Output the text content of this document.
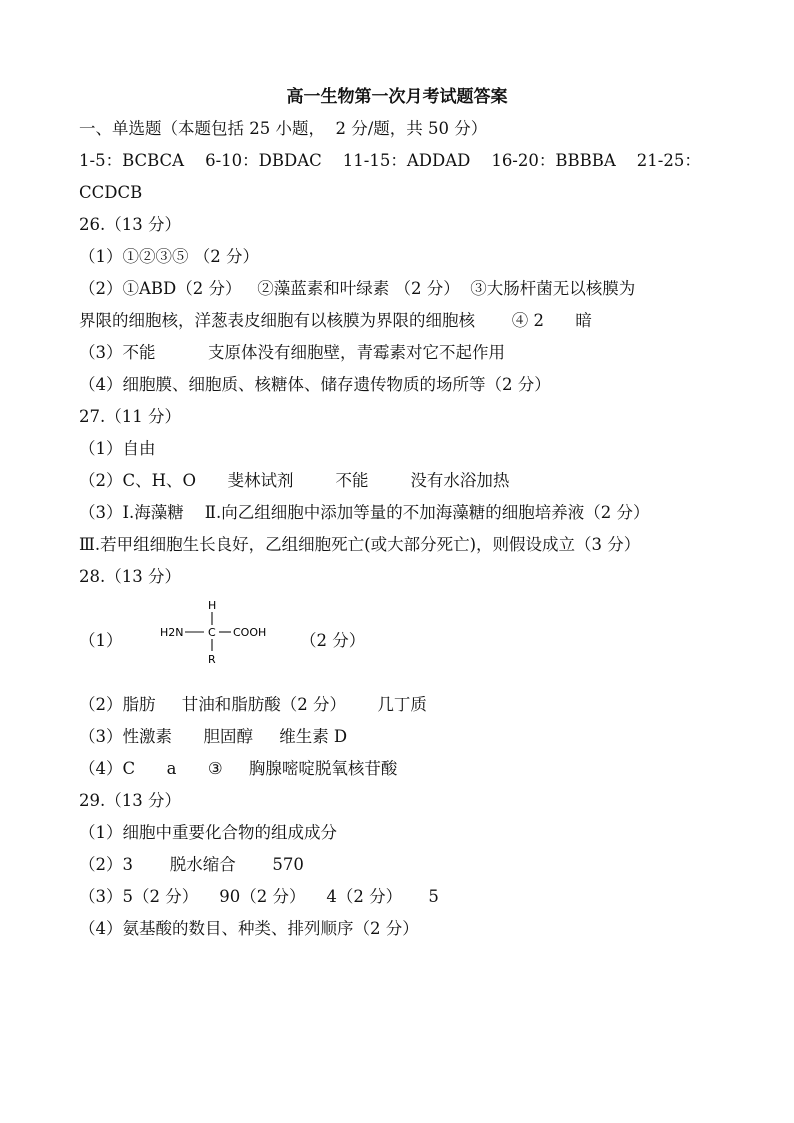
高一生物第一次月考试题答案
一、单选题（本题包括 25 小题，  2 分/题，共 50 分）
1-5：BCBCA    6-10：DBDAC    11-15：ADDAD    16-20：BBBBA    21-25：
CCDCB
26.（13 分）
（1）①②③⑤ （2 分）
（2）①ABD（2 分）   ②藻蓝素和叶绿素 （2 分）  ③大肠杆菌无以核膜为
界限的细胞核，洋葱表皮细胞有以核膜为界限的细胞核       ④ 2      暗
（3）不能          支原体没有细胞壁，青霉素对它不起作用
（4）细胞膜、细胞质、核糖体、储存遗传物质的场所等（2 分）
27.（11 分）
（1）自由
（2）C、H、O      斐林试剂        不能        没有水浴加热
（3）Ⅰ.海藻糖    Ⅱ.向乙组细胞中添加等量的不加海藻糖的细胞培养液（2 分）
Ⅲ.若甲组细胞生长良好，乙组细胞死亡(或大部分死亡)，则假设成立（3 分）
28.（13 分）
（1）
H
H2N C COOH
R
（2 分）
（2）脂肪     甘油和脂肪酸（2 分）      几丁质
（3）性激素      胆固醇     维生素 D
（4）C      a      ③     胸腺嘧啶脱氧核苷酸
29.（13 分）
（1）细胞中重要化合物的组成成分
（2）3       脱水缩合       570
（3）5（2 分）    90（2 分）    4（2 分）     5
（4）氨基酸的数目、种类、排列顺序（2 分）
